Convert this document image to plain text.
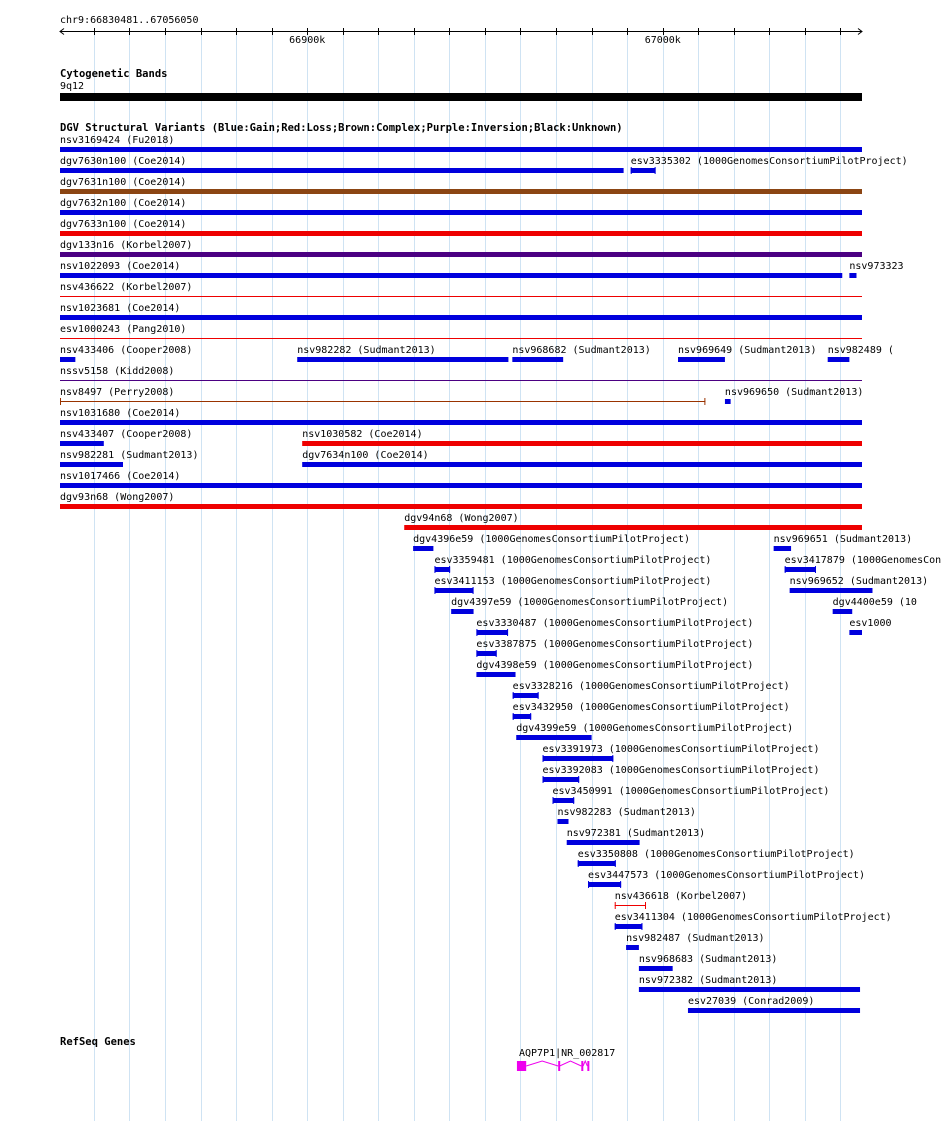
chr9:66830481..67056050
Cytogenetic Bands
9q12
DGV Structural Variants (Blue:Gain;Red:Loss;Brown:Complex;Purple:Inversion;Black:Unknown)
RefSeq Genes
AQP7P1|NR_002817
nsv3169424 (Fu2018)
dgv7630n100 (Coe2014)	esv3335302 (1000GenomesConsortiumPilotProject)
dgv7631n100 (Coe2014)
dgv7632n100 (Coe2014)
dgv7633n100 (Coe2014)
dgv133n16 (Korbel2007)
nsv1022093 (Coe2014)	nsv973323
nsv436622 (Korbel2007)
nsv1023681 (Coe2014)
esv1000243 (Pang2010)
nsv433406 (Cooper2008)	nsv982282 (Sudmant2013)	nsv968682 (Sudmant2013)	nsv969649 (Sudmant2013) nsv982489 (
nssv5158 (Kidd2008)
nsv8497 (Perry2008)	nsv969650 (Sudmant2013)
nsv1031680 (Coe2014)
nsv433407 (Cooper2008)	nsv1030582 (Coe2014)
nsv982281 (Sudmant2013)	dgv7634n100 (Coe2014)
nsv1017466 (Coe2014)
dgv93n68 (Wong2007)
dgv94n68 (Wong2007)
dgv4396e59 (1000GenomesConsortiumPilotProject)	nsv969651 (Sudmant2013)
esv3359481 (1000GenomesConsortiumPilotProject)	esv3417879 (1000GenomesCon
esv3411153 (1000GenomesConsortiumPilotProject)	nsv969652 (Sudmant2013)
dgv4397e59 (1000GenomesConsortiumPilotProject)	dgv4400e59 (10
esv3330487 (1000GenomesConsortiumPilotProject)	esv1000
esv3387875 (1000GenomesConsortiumPilotProject)
dgv4398e59 (1000GenomesConsortiumPilotProject)
esv3328216 (1000GenomesConsortiumPilotProject)
esv3432950 (1000GenomesConsortiumPilotProject)
dgv4399e59 (1000GenomesConsortiumPilotProject)
esv3391973 (1000GenomesConsortiumPilotProject)
esv3392083 (1000GenomesConsortiumPilotProject)
esv3450991 (1000GenomesConsortiumPilotProject)
nsv982283 (Sudmant2013)
nsv972381 (Sudmant2013)
esv3350808 (1000GenomesConsortiumPilotProject)
esv3447573 (1000GenomesConsortiumPilotProject)
nsv436618 (Korbel2007)
esv3411304 (1000GenomesConsortiumPilotProject)
nsv982487 (Sudmant2013)
nsv968683 (Sudmant2013)
nsv972382 (Sudmant2013)
esv27039 (Conrad2009)
66900k	67000k
